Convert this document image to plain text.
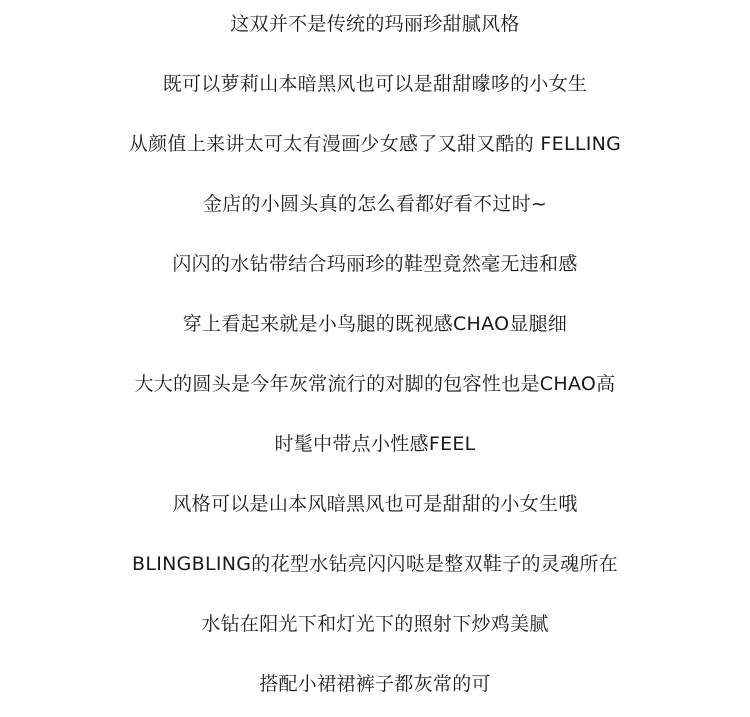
这双并不是传统的玛丽珍甜腻风格
既可以萝莉山本暗黑风也可以是甜甜曚哆的小女生
从颜值上来讲太可太有漫画少女感了又甜又酷的 FELLING
金店的小圆头真的怎么看都好看不过时~
闪闪的水钻带结合玛丽珍的鞋型竟然毫无违和感
穿上看起来就是小鸟腿的既视感CHAO显腿细
大大的圆头是今年灰常流行的对脚的包容性也是CHAO高
时髦中带点小性感FEEL
风格可以是山本风暗黑风也可是甜甜的小女生哦
BLINGBLING的花型水钻亮闪闪哒是整双鞋子的灵魂所在
水钻在阳光下和灯光下的照射下炒鸡美腻
搭配小裙裙裤子都灰常的可
